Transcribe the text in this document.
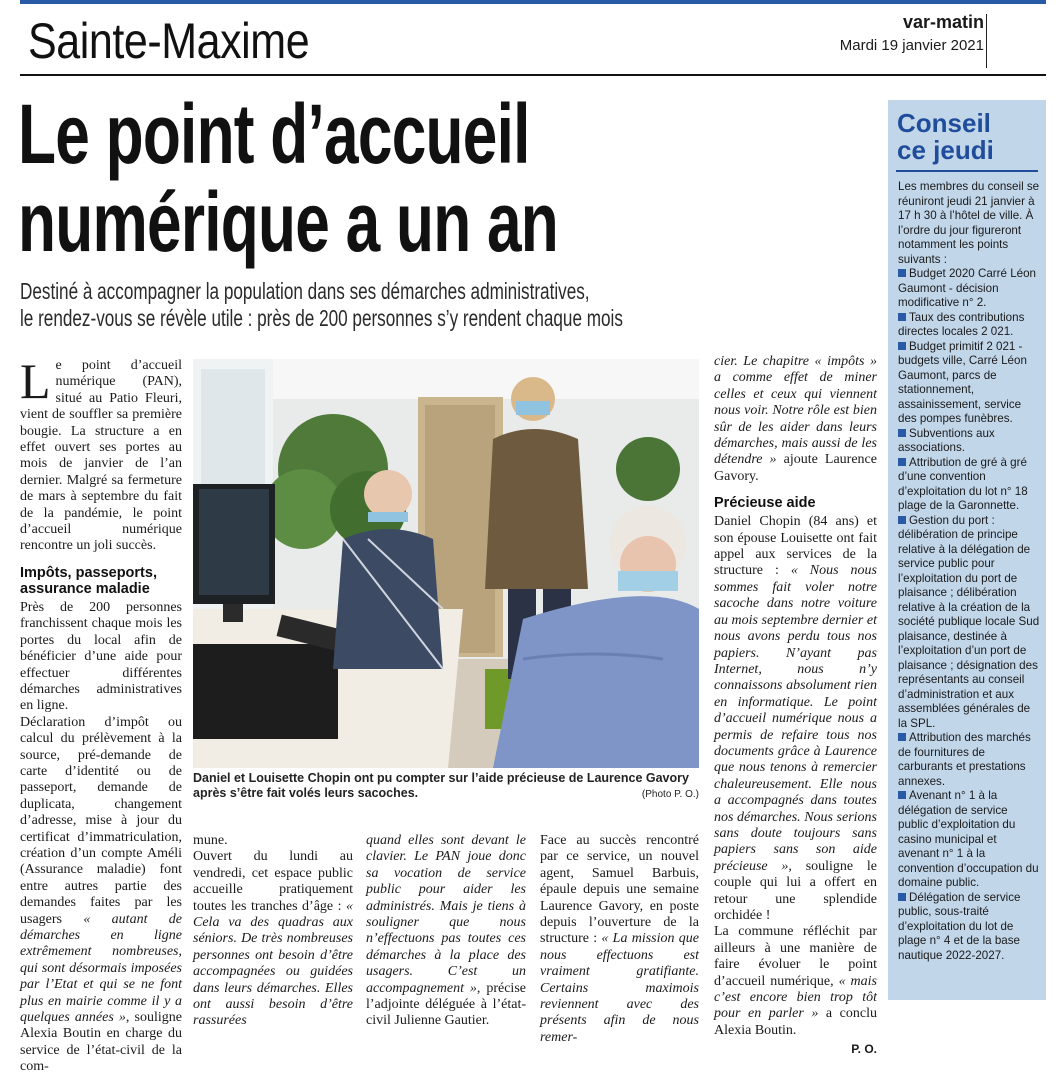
Sainte-Maxime	var-matin
Mardi 19 janvier 2021
Le point d’accueil
numérique a un an
Destiné à accompagner la population dans ses démarches administratives,
le rendez-vous se révèle utile : près de 200 personnes s’y rendent chaque mois

Le point d’accueil numérique (PAN), situé au Patio Fleuri, vient de souffler sa première bougie. La structure a en effet ouvert ses portes au mois de janvier de l’an dernier. Malgré sa fermeture de mars à septembre du fait de la pandémie, le point d’accueil numérique rencontre un joli succès.

Impôts, passeports, assurance maladie

Près de 200 personnes franchissent chaque mois les portes du local afin de bénéficier d’une aide pour effectuer différentes démarches administratives en ligne.

Déclaration d’impôt ou calcul du prélèvement à la source, pré-demande de carte d’identité ou de passeport, demande de duplicata, changement d’adresse, mise à jour du certificat d’immatriculation, création d’un compte Améli (Assurance maladie) font entre autres partie des demandes faites par les usagers « autant de démarches en ligne extrêmement nombreuses, qui sont désormais imposées par l’Etat et qui se ne font plus en mairie comme il y a quelques années », souligne Alexia Boutin en charge du service de l’état-civil de la com-

Daniel et Louisette Chopin ont pu compter sur l’aide précieuse de Laurence Gavory après s’être fait volés leurs sacoches.	(Photo P. O.)

mune.

Ouvert du lundi au vendredi, cet espace public accueille pratiquement toutes les tranches d’âge : « Cela va des quadras aux séniors. De très nombreuses personnes ont besoin d’être accompagnées ou guidées dans leurs démarches. Elles ont aussi besoin d’être rassurées

quand elles sont devant le clavier. Le PAN joue donc sa vocation de service public pour aider les administrés. Mais je tiens à souligner que nous n’effectuons pas toutes ces démarches à la place des usagers. C’est un accompagnement », précise l’adjointe déléguée à l’état-civil Julienne Gautier.

Face au succès rencontré par ce service, un nouvel agent, Samuel Barbuis, épaule depuis une semaine Laurence Gavory, en poste depuis l’ouverture de la structure : « La mission que nous effectuons est vraiment gratifiante. Certains maximois reviennent avec des présents afin de nous remer-

cier. Le chapitre « impôts » a comme effet de miner celles et ceux qui viennent nous voir. Notre rôle est bien sûr de les aider dans leurs démarches, mais aussi de les détendre » ajoute Laurence Gavory.

Précieuse aide

Daniel Chopin (84 ans) et son épouse Louisette ont fait appel aux services de la structure : « Nous nous sommes fait voler notre sacoche dans notre voiture au mois septembre dernier et nous avons perdu tous nos papiers. N’ayant pas Internet, nous n’y connaissons absolument rien en informatique. Le point d’accueil numérique nous a permis de refaire tous nos documents grâce à Laurence que nous tenons à remercier chaleureusement. Elle nous a accompagnés dans toutes nos démarches. Nous serions sans doute toujours sans papiers sans son aide précieuse », souligne le couple qui lui a offert en retour une splendide orchidée !

La commune réfléchit par ailleurs à une manière de faire évoluer le point d’accueil numérique, « mais c’est encore bien trop tôt pour en parler » a conclu Alexia Boutin.

P. O.
Conseil
ce jeudi

Les membres du conseil se réuniront jeudi 21 janvier à 17 h 30 à l’hôtel de ville. À l’ordre du jour figureront notamment les points suivants :

Budget 2020 Carré Léon Gaumont - décision modificative n° 2.

Taux des contributions directes locales 2 021.

Budget primitif 2 021 - budgets ville, Carré Léon Gaumont, parcs de stationnement, assainissement, service des pompes funèbres.

Subventions aux associations.

Attribution de gré à gré d’une convention d’exploitation du lot n° 18 plage de la Garonnette.

Gestion du port : délibération de principe relative à la délégation de service public pour l’exploitation du port de plaisance ; délibération relative à la création de la société publique locale Sud plaisance, destinée à l’exploitation d’un port de plaisance ; désignation des représentants au conseil d’administration et aux assemblées générales de la SPL.

Attribution des marchés de fournitures de carburants et prestations annexes.

Avenant n° 1 à la délégation de service public d’exploitation du casino municipal et avenant n° 1 à la convention d’occupation du domaine public.

Délégation de service public, sous-traité d’exploitation du lot de plage n° 4 et de la base nautique 2022-2027.
